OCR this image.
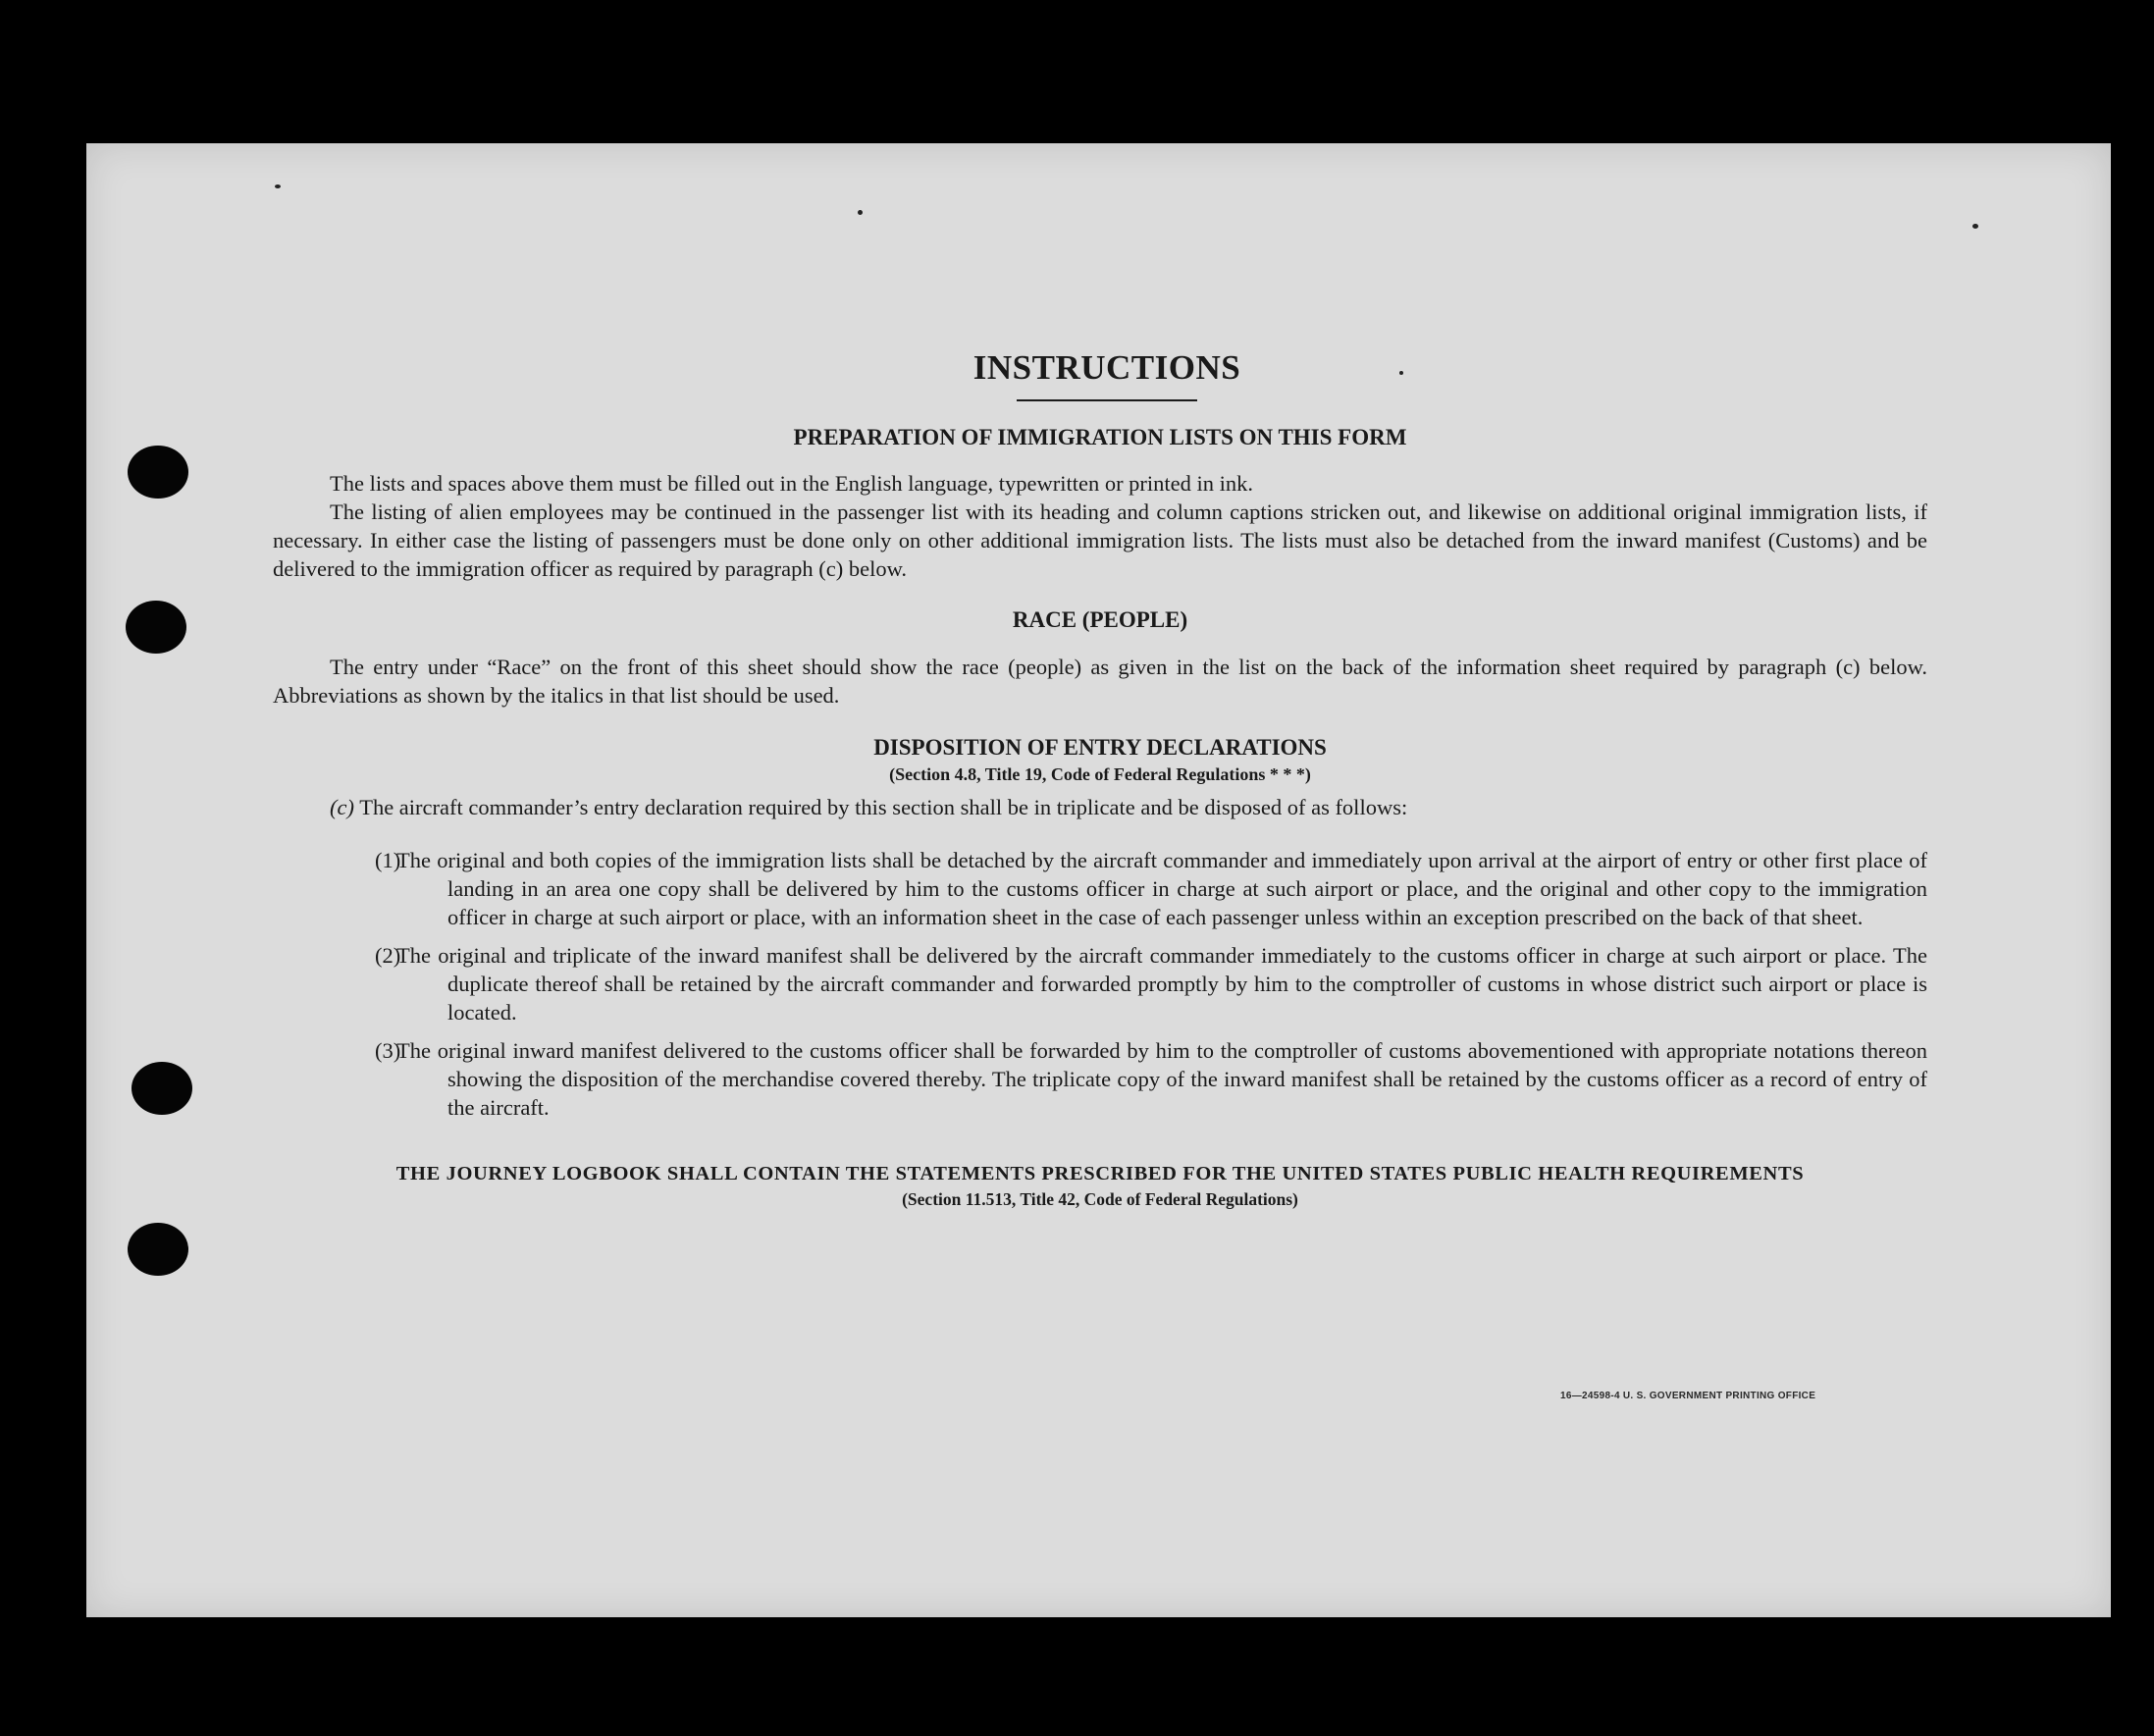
INSTRUCTIONS
PREPARATION OF IMMIGRATION LISTS ON THIS FORM

The lists and spaces above them must be filled out in the English language, typewritten or printed in ink.

The listing of alien employees may be continued in the passenger list with its heading and column captions stricken out, and likewise on additional original immigration lists, if necessary. In either case the listing of passengers must be done only on other additional immigration lists. The lists must also be detached from the inward manifest (Customs) and be delivered to the immigration officer as required by paragraph (c) below.

RACE (PEOPLE)

The entry under “Race” on the front of this sheet should show the race (people) as given in the list on the back of the information sheet required by paragraph (c) below. Abbreviations as shown by the italics in that list should be used.

DISPOSITION OF ENTRY DECLARATIONS
(Section 4.8, Title 19, Code of Federal Regulations * * *)

(c) The aircraft commander’s entry declaration required by this section shall be in triplicate and be disposed of as follows:

(1)
The original and both copies of the immigration lists shall be detached by the aircraft commander and immediately upon arrival at the airport of entry or other first place of landing in an area one copy shall be delivered by him to the customs officer in charge at such airport or place, and the original and other copy to the immigration officer in charge at such airport or place, with an information sheet in the case of each passenger unless within an exception prescribed on the back of that sheet.
(2)
The original and triplicate of the inward manifest shall be delivered by the aircraft commander immediately to the customs officer in charge at such airport or place. The duplicate thereof shall be retained by the aircraft commander and forwarded promptly by him to the comptroller of customs in whose district such airport or place is located.
(3)
The original inward manifest delivered to the customs officer shall be forwarded by him to the comptroller of customs abovementioned with appropriate notations thereon showing the disposition of the merchandise covered thereby. The triplicate copy of the inward manifest shall be retained by the customs officer as a record of entry of the aircraft.
THE JOURNEY LOGBOOK SHALL CONTAIN THE STATEMENTS PRESCRIBED FOR THE UNITED STATES PUBLIC HEALTH REQUIREMENTS
(Section 11.513, Title 42, Code of Federal Regulations)
16—24598-4 U. S. GOVERNMENT PRINTING OFFICE
